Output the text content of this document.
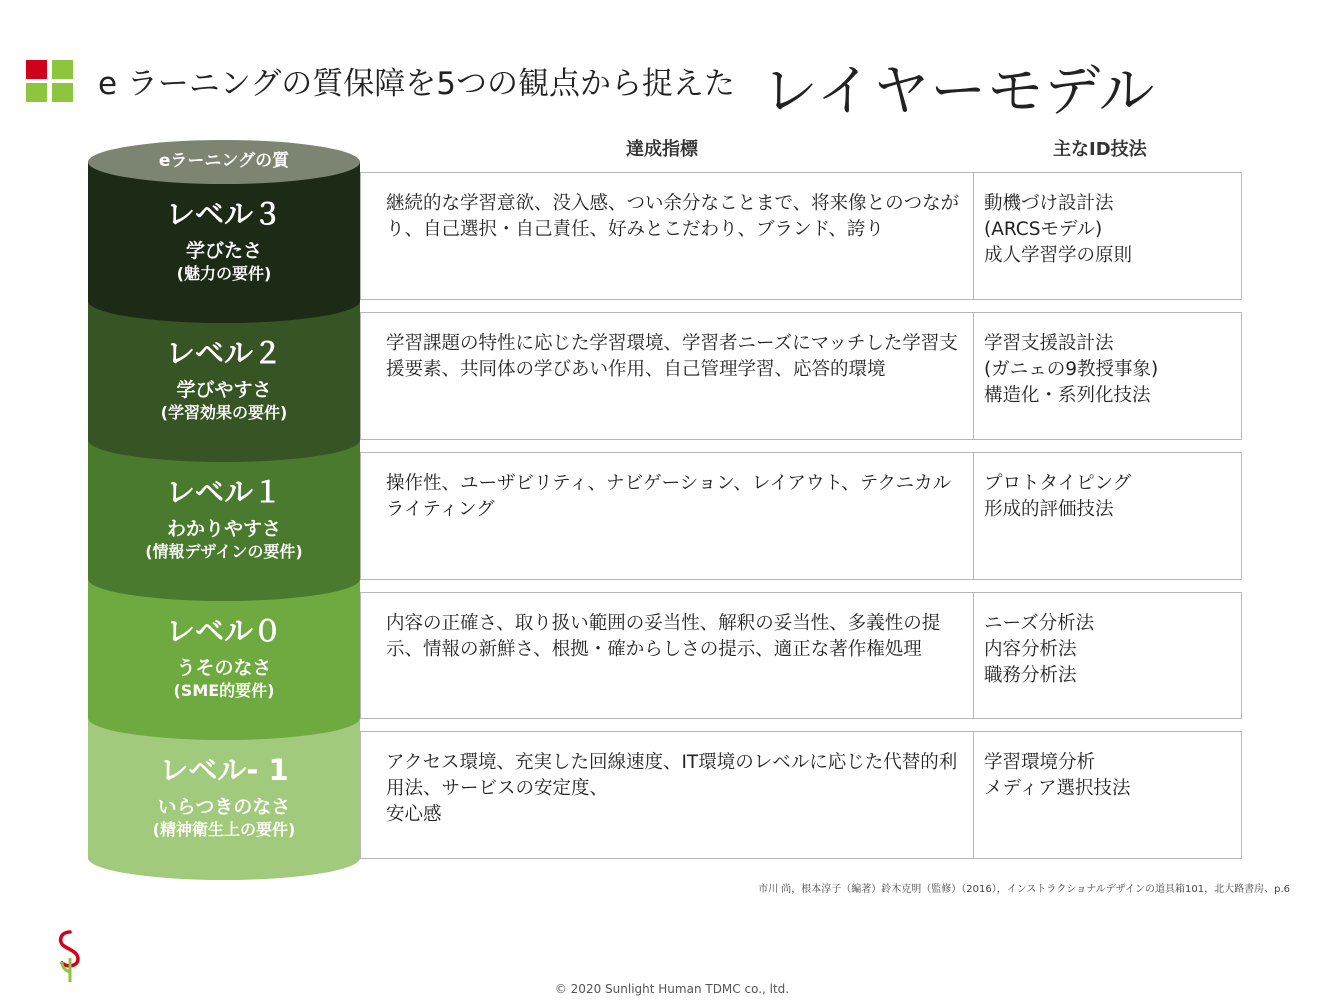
e ラーニングの質保障を5つの観点から捉えた レイヤーモデル
達成指標	主なID技法
eラーニングの質
レベル３
学びたさ
(魅力の要件)
レベル２
学びやすさ
(学習効果の要件)
レベル１
わかりやすさ
(情報デザインの要件)
レベル０
うそのなさ
(SME的要件)
レベル- 1
いらつきのなさ
(精神衛生上の要件)
継続的な学習意欲、没入感、つい余分なことまで、将来像とのつながり、自己選択・自己責任、好みとこだわり、ブランド、誇り
動機づけ設計法
(ARCSモデル)
成人学習学の原則
学習課題の特性に応じた学習環境、学習者ニーズにマッチした学習支援要素、共同体の学びあい作用、自己管理学習、応答的環境
学習支援設計法
(ガニェの9教授事象)
構造化・系列化技法
操作性、ユーザビリティ、ナビゲーション、レイアウト、テクニカルライティング
プロトタイピング
形成的評価技法
内容の正確さ、取り扱い範囲の妥当性、解釈の妥当性、多義性の提示、情報の新鮮さ、根拠・確からしさの提示、適正な著作権処理
ニーズ分析法
内容分析法
職務分析法
アクセス環境、充実した回線速度、IT環境のレベルに応じた代替的利用法、サービスの安定度、
安心感
学習環境分析
メディア選択技法
市川 尚，根本淳子（編著）鈴木克明（監修）（2016），インストラクショナルデザインの道具箱101，北大路書房、p.6
© 2020 Sunlight Human TDMC co., ltd.
